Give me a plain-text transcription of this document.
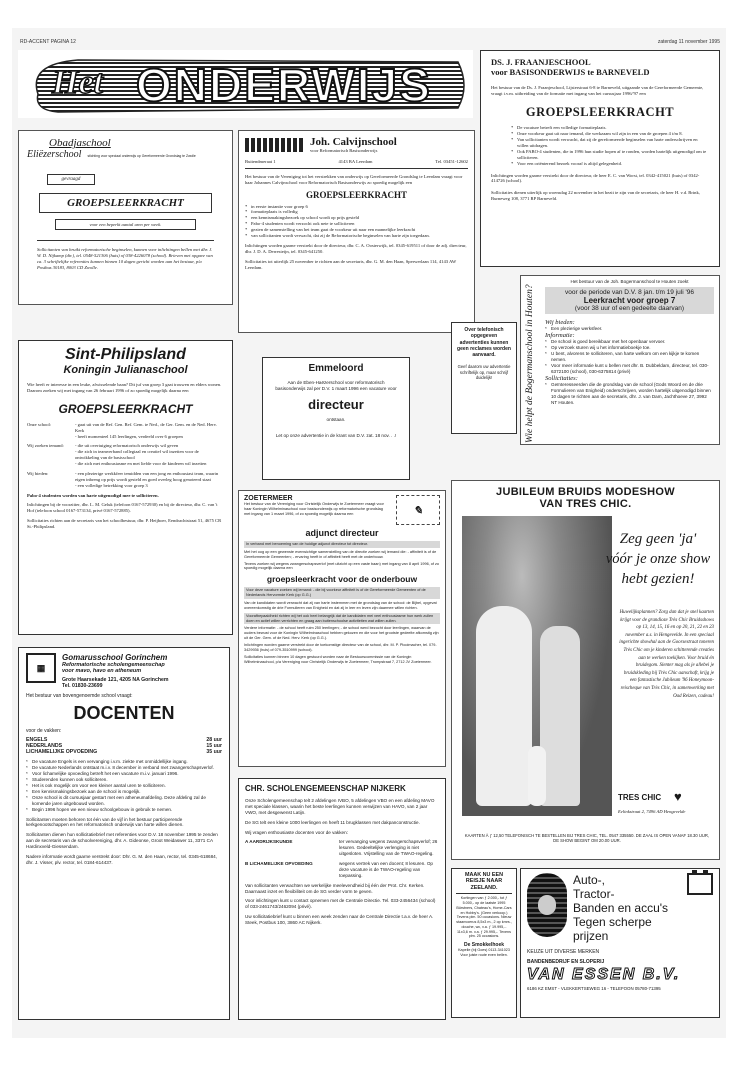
RD-ACCENT PAGINA 12	zaterdag 11 november 1995
Het ONDERWIJS
Obadjaschool
Eliëzerschool stichting voor speciaal onderwijs op Gereformeerde Grondslag te Zwolle
gevraagd
GROEPSLEERKRACHT
voor een beperkt aantal uren per week.
Sollicitanten van bruikt reformatorische beginselen, kunnen voor inlichtingen bellen met dhr. J. W. D. Nijkamp (dir.), tel. 0548-521306 (huis) of 038-4226078 (school). Brieven met opgave van ca. 3 schriftelijke referenties kunnen binnen 10 dagen gericht worden aan het bestuur, p/a Postbus 30183, 8003 CD Zwolle.
Joh. Calvijnschool
voor Reformatorisch Basisonderwijs
Buitendmeraat 1	4143 BA Leerdam	Tel. 03451-12602
Het bestuur van de Vereniging tot het verstrekken van onderwijs op Gereformeerde Grondslag te Leerdam vraagt voor haar Johannes Calvijnschool voor Reformatorisch Basisonderwijs zo spoedig mogelijk een
GROEPSLEERKRACHT
* in eerste instantie voor groep 6
* formatieplaats is volledig
* een kennismakingsbezoek op school wordt op prijs gesteld
* Pabo-4 studenten wordt verzocht ook nete te solliciteren
* gezien de samenstelling van het team gaat de voorkeur uit naar een mannelijke leerkracht
* van sollicitanten wordt verwacht, dat zij de Reformatorische beginselen van harte zijn toegedaan.
Inlichtingen worden gaarne verstrekt door de directeur, dhr. C. A. Oosterwijk, tel. 0345-619511 of door de adj. directeur, dhr. J. D. A. Derresteijn, tel. 0345-641250.
Sollicitaties tot uiterlijk 25 november te richten aan de secretaris, dhr. G. M. den Haan, Sperwerlaan 114, 4143 AW Leerdam.
DS. J. FRAANJESCHOOL
voor BASISONDERWIJS te BARNEVELD
Het bestuur van de Ds. J. Fraanjeschool, Lijsterstraat 6-8 te Barneveld, uitgaande van de Gereformeerde Gemeente, vraagt i.v.m. uitbreiding van de formatie met ingang van het cursusjaar 1996/'97 een
GROEPSLEERKRACHT
* De vacature betreft een volledige formatieplaats.
* Onze voorkeur gaat uit naar iemand, die werkzaam wil zijn in een van de groepen 4 t/m 8.
* Van sollicitanten wordt verwacht, dat zij de gereformeerde beginselen van harte onderschrijven en willen uitdragen.
* Ook PABO-4 studenten, die in 1996 hun studie hopen af te ronden, worden hartelijk uitgenodigd om te solliciteren.
* Voor een oriënterend bezoek vooraf is altijd gelegenheid.
Inlichtingen worden gaarne verstrekt door de directeur, de heer E. C. van Worst, tel. 0342-415021 (huis) of 0342-414726 (school).
Sollicitaties dienen uiterlijk op woensdag 22 november in het bezit te zijn van de secretaris, de heer H. v.d. Brink, Burneweg 108, 3771 RP Barneveld.
Sint-Philipsland
Koningin Julianaschool
Wie heeft er interesse in een leuke, afwisselende baan? Dit juf van groep 3 gaat trouwen en elders wonen. Daarom zoeken wij met ingang van 26 februari 1996 of zo spoedig mogelijk daarna een
GROEPSLEERKRACHT
Onze school:	- gaat uit van de Ref. Gen. Ref. Gem. te Ned., de Ger. Gem. en de Ned. Herv. Kerk
- heeft momenteel 145 leerlingen, verdeeld over 6 groepen
Wij zoeken iemand:	- die uit overtuiging reformatorisch onderwijs wil geven
- die zich in teamverband collegiaal en creatief wil inzetten voor de ontwikkeling van de basisschool
- die zich met enthousiasme en met liefde voor de kinderen wil inzetten
Wij bieden:	- een plezierige werkkfeer temidden van een jong en enthousiast team, waarin eigen inbreng op prijs wordt gesteld en goed overleg hoog genoteerd staat
- een volledige betrekking voor groep 3
Pabo-4 studenten worden van harte uitgenodigd mee te solliciteren.
Inlichtingen bij de voorzitter, dhr. L. M. Geluk (telefoon 0167-572930) en bij de directeur, dhr. C. van 't Hof (telefoon school 0167-573134, privé 0167-572885).
Sollicitaties richten aan de secretaris van het schoolbestuur, dhr. P. Heijboer, Eendrachtstraat 51, 4675 CR St.-Philipsland.
Emmeloord
Aan de Eben-Haëzerschool voor reformatorisch basisonderwijs zal per D.V. 1 maart 1996 een vacature voor
directeur
ontstaan.
Let op onze advertentie in de krant van D.V. zat. 18 nov. . .!
Over telefonisch opgegeven advertenties kunnen geen reclames worden aanvaard.
Geef daarom uw advertentie schriftelijk op, maar schrijf duidelijk!	Wie helpt de Bogermanschool in Houten?
Het bestuur van de Joh. Bogermanschool te Houten zoekt
voor de periode van D.V. 8 jan. t/m 19 juli '96
Leerkracht voor groep 7
(voor 38 uur of een gedeelte daarvan)
Wij bieden:
* Een plezierige werksfeer.
Informatie:
* De school is goed bereikbaar met het openbaar vervoer.
* Op verzoek sturen wij u het informatieboekje toe.
* U bent, alvorens te solliciteren, van harte welkom om een kijkje te komen nemen.
* Voor meer informatie kunt u bellen met dhr. B. Dubbeldam, directeur, tel. 030-6372100 (school), 030-6375814 (privé)
Sollicitaties:
* Geïnteresseerden die de grondslag van de school (Gods Woord en de drie Formulieren van Enigheid) onderschrijven, worden hartelijk uitgenodigd binnen 10 dagen te richten aan de secretaris, dhr. J. van Dam, Jachthoeve 27, 3992 NT Houten.
ZOETERMEER
Het bestuur van de Vereniging voor Christelijk Onderwijs te Zoetermeer vraagt voor haar Koningin Wilhelminaschool voor basisonderwijs op reformatorische grondslag met ingang van 1 maart 1996, of zo spoedig mogelijk daarna een	✎
adjunct directeur
In verband met benoeming van de huidige adjunct directeur tot directeur.
Met het oog op een gewenste evenwichtige samenstelling van de directie zoeken wij iemand die: - affiniteit is of de Gereformeerde Gemeenten; - ervaring heeft in of affiniteit heeft met de onderbouw.
Tevens zoeken wij wegens zwangerschapsverlof (met uitzicht op een vaste baan) met ingang van 8 april 1996, of zo spoedig mogelijk daarna een
groepsleerkracht voor de onderbouw
Voor deze vacature zoeken wij iemand: - die bij voorkeur affiniteit is of de Gereformeerde Gemeenten of de Nederlands Hervormde Kerk (op G.G.)
Van de kandidaten wordt verwacht dat zij van harte instemmen met de grondslag van de school: de Bijbel, opgevat overeenkomstig de drie Formulieren van Enigheid en dat zij in leer en leven zijn daarmee willen richten.
Voorafbepaaldheid richten wij het ook heel belangrijk dat de kandidaten mei veel enthousiasme hun werk zullen doen en actief willen verrichten en graag aan buitenschoolse activiteiten wat willen zullen.
Verdere informatie: - de school heeft ruim 250 leerlingen; - de school werd bezocht door leerlingen, waarvan de ouders bewust voor de Koningin Wilhelminaschool hebben gekozen en die voor het grootste gedeelte afkomstig zijn uit de Ger. Gem. of de Ned. Herv. Kerk (op G.G.).
Inlichtingen worden gaarne verstrekt door de toekomstige directeur van de school, dhr. M. P. Plooimacher, tel. 079-3429936 (huis) of 079-3510999 (school).
Sollicitaties kunnen binnen 10 dagen gestuurd worden naar de Bestuurscommissie van de Koningin Wilhelminaschool, p/a Vereniging voor Christelijk Onderwijs te Zoetermeer, Trompstraat 7, 2712 JV Zoetermeer.
JUBILEUM BRUIDS MODESHOW
VAN TRES CHIC.
Zeg geen 'ja'
vóór je onze show
hebt gezien!
Huwelijksplannen? Zorg dan dat je snel kaarten krijgt voor de grandioze Très Chic Bruidsshows op 13, 14, 15, 16 en op 20, 21, 22 en 23 november a.s. in Hengevelde. In een speciaal ingerichte showhal aan de Goorsestraat toneren Très Chic om je kinderen schitterende creaties aan te werken toekijken. Voor bruid én bruidegom. Slenter mag als je allebei je bruidskleding bij Très Chic aanschaft, krijg je een fantastische Jubileum '96 Honeymoon-reischeque van Très Chic, in samenwerking met Oad Reizen, cadeau!
TRES CHIC ♥
Eelinkstraat 2, 7496 AD Hengevelde
KAARTEN À ƒ 12,50 TELEFONISCH TE BESTELLEN BIJ TRES CHIC, TEL. 0547 335550. DE ZAAL IS OPEN VANAF 18.30 UUR, DE SHOW BEGINT OM 20.00 UUR.
▦
Gomarusschool Gorinchem
Reformatorische scholengemeenschap
voor mavo, havo en atheneum
Grote Haarsekade 121, 4205 NA Gorinchem
Tel. 01830-23699
Het bestuur van bovengenoemde school vraagt:
DOCENTEN
voor de vakken:
ENGELS	28 uur
NEDERLANDS	15 uur
LICHAMELIJKE OPVOEDING	35 uur
* De vacature Engels is een vervanging i.v.m. ziekte met onmiddellijke ingang.
* De vacature Nederlands ontstaat m.i.v. 8 december in verband met zwangerschapsverlof.
* Voor lichamelijke opvoeding betreft het een vacature m.i.v. januari 1996.
* Studerenden kunnen ook solliciteren.
* Het is ook mogelijk om voor een kleiner aantal uren te solliciteren.
* Een kennismakingsbezoek aan de school is mogelijk.
* Onze school is dit cursusjaar gestart met een atheneumafdeling. Deze afdeling zal de komende jaren uitgebouwd worden.
* Begin 1996 hopen we een nieuw schoolgebouw in gebruik te nemen.
Sollicitanten moeten behoren tot één van de vijf in het bestuur participerende kerkgenootschappen en het reformatorisch onderwijs van harte willen dienen.
Sollicitanten dienen hun sollicitatiebrief met referenties voor D.V. 18 november 1995 te zenden aan de secretaris van de schoolvereniging, dhr. A. Gideonse, Groot Weidaswer 11, 3371 CA Hardinxveld-Giessendam.
Nadere informatie wordt gaarne verstrekt door: Dhr. G. M. den Haan, rector, tel. 0345-618684, dhr. J. Visser, plv. rector, tel. 0184-614437.
CHR. SCHOLENGEMEENSCHAP NIJKERK
Onze Scholengemeenschap telt 2 afdelingen IVBO, 5 afdelingen VBO en een afdeling MAVO met speciale klassen, waarin het beste leerlingen kunnen verwijzen van HAVO, van 2 jaar VWO, met desgewenst Latijn.
De SG telt een kleine 1000 leerlingen en heeft 11 brugklassen met dakpanconstructie.
Wij vragen enthousiaste docenten voor de vakken:
A AARDRIJKSKUNDE	ter vervanging wegens zwangerschapsverlof; 26 lesuren. Gedeeltelijke verlenging is niet uitgesloten. Vrijstelling van de TWAO-regeling.
B LICHAMELIJKE OPVOEDING	wegens vertrek van een docent; 8 lesuren. Op deze vacature is de TWAO-regeling van toepassing.
Van sollicitanten verwachten we werkelijke meelevendheid bij één der Prot. Chr. Kerken. Daarnaast inzet en flexibiliteit om de SG verder vorm te geven.
Voor inlichtingen kunt u contact opnemen met de Centrale Directie. Tel. 033-2456434 (school) of 033-2461743/2462094 (privé).
Uw sollicitatiebrief kunt u binnen een week zenden naar de Centrale Directie t.a.v. de heer A. Steek, Postbus 100, 3860 AC Nijkerk.
MAAK NU EEN REISJE NAAR ZEELAND.
Kortingen van ƒ 2.000,- tot ƒ 5.000,- op de laatste 1995 Bürstners, Chateau's, Home-Cars en Hobby's. (Geen verkoop.) Tevens plm. 50 occasions. Nieuw staanvoerus 8,5x3 m., 2 op kmrs., douche, wc, v.a. ƒ 19.995,-. 11x3,6 m. v.a. ƒ 29.995,-. Tevens plm. 25 occasions.
De Smokkelhoek
Kapelle (bij Goes) 0113-341023
Voor juiste route even bellen.
Auto-,
Tractor-
Banden en accu's
Tegen scherpe prijzen
KEUZE UIT DIVERSE MERKEN
BANDENBEDRIJF EN SLOPERIJ
VAN ESSEN B.V.
6186 KZ EMST - VLEKKERTSEWEG 16 - TELEFOON 05780-71395
